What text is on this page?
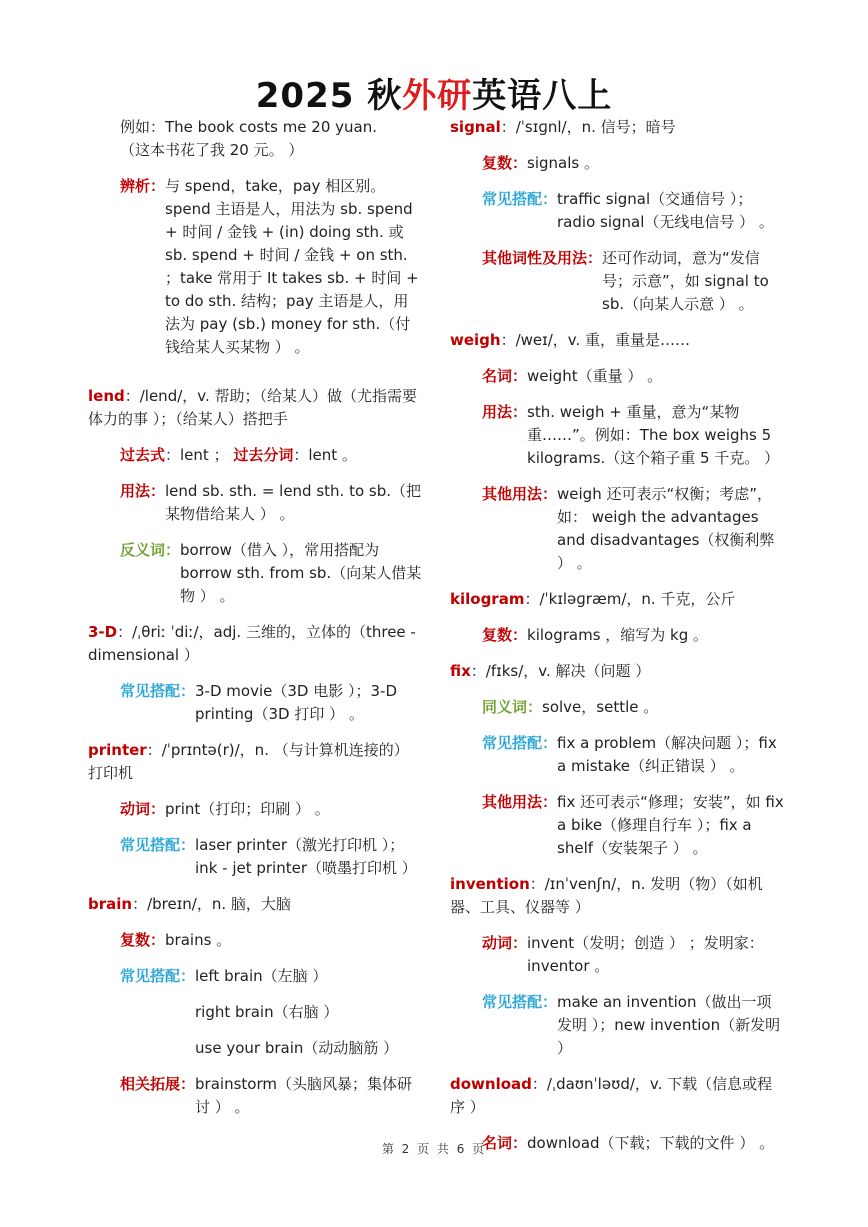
2025 秋外研英语八上
例如：The book costs me 20 yuan.
（这本书花了我 20 元。 ）
辨析： 与 spend，take，pay 相区别。spend 主语是人，用法为 sb. spend + 时间 / 金钱 + (in) doing sth. 或 sb. spend + 时间 / 金钱 + on sth. ；take 常用于 It takes sb. + 时间 + to do sth. 结构；pay 主语是人，用法为 pay (sb.) money for sth.（付钱给某人买某物 ） 。
lend：/lend/，v. 帮助；（给某人）做（尤指需要体力的事 ）；（给某人）搭把手
过去式：lent ； 过去分词：lent 。
用法： lend sb. sth. = lend sth. to sb.（把某物借给某人 ） 。
反义词： borrow（借入 ），常用搭配为 borrow sth. from sb.（向某人借某物 ） 。
3-D：/ˌθriː ˈdiː/，adj. 三维的，立体的（three - dimensional ）
常见搭配： 3-D movie（3D 电影 ）；3-D printing（3D 打印 ） 。
printer：/ˈprɪntə(r)/，n. （与计算机连接的）打印机
动词： print（打印；印刷 ） 。
常见搭配： laser printer（激光打印机 ）；ink - jet printer（喷墨打印机 ）
brain：/breɪn/，n. 脑，大脑
复数： brains 。
常见搭配： left brain（左脑 ）
right brain（右脑 ）
use your brain（动动脑筋 ）
相关拓展： brainstorm（头脑风暴；集体研讨 ） 。
signal：/ˈsɪɡnl/，n. 信号；暗号
复数： signals 。
常见搭配： traffic signal（交通信号 ）；radio signal（无线电信号 ） 。
其他词性及用法： 还可作动词，意为“发信号；示意”，如 signal to sb.（向某人示意 ） 。
weigh：/weɪ/，v. 重，重量是……
名词： weight（重量 ） 。
用法： sth. weigh + 重量，意为“某物重……”。例如：The box weighs 5 kilograms.（这个箱子重 5 千克。 ）
其他用法： weigh 还可表示“权衡；考虑”，如： weigh the advantages and disadvantages（权衡利弊 ） 。
kilogram：/ˈkɪləɡræm/，n. 千克，公斤
复数： kilograms ，缩写为 kg 。
fix：/fɪks/，v. 解决（问题 ）
同义词： solve，settle 。
常见搭配： fix a problem（解决问题 ）；fix a mistake（纠正错误 ） 。
其他用法： fix 还可表示“修理；安装”，如 fix a bike（修理自行车 ）；fix a shelf（安装架子 ） 。
invention：/ɪnˈvenʃn/，n. 发明（物）（如机器、工具、仪器等 ）
动词： invent（发明；创造 ） ；发明家：inventor 。
常见搭配： make an invention（做出一项发明 ）；new invention（新发明 ）
download：/ˌdaʊnˈləʊd/，v. 下载（信息或程序 ）
名词： download（下载；下载的文件 ） 。
第 2 页 共 6 页
